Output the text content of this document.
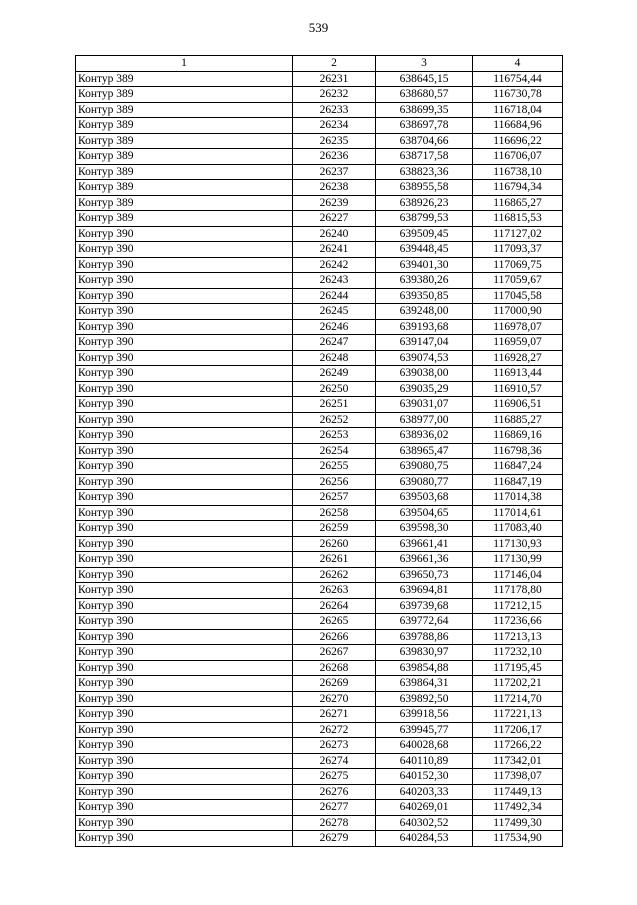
539
1	2	3	4
Контур 389	26231	638645,15	116754,44
Контур 389	26232	638680,57	116730,78
Контур 389	26233	638699,35	116718,04
Контур 389	26234	638697,78	116684,96
Контур 389	26235	638704,66	116696,22
Контур 389	26236	638717,58	116706,07
Контур 389	26237	638823,36	116738,10
Контур 389	26238	638955,58	116794,34
Контур 389	26239	638926,23	116865,27
Контур 389	26227	638799,53	116815,53
Контур 390	26240	639509,45	117127,02
Контур 390	26241	639448,45	117093,37
Контур 390	26242	639401,30	117069,75
Контур 390	26243	639380,26	117059,67
Контур 390	26244	639350,85	117045,58
Контур 390	26245	639248,00	117000,90
Контур 390	26246	639193,68	116978,07
Контур 390	26247	639147,04	116959,07
Контур 390	26248	639074,53	116928,27
Контур 390	26249	639038,00	116913,44
Контур 390	26250	639035,29	116910,57
Контур 390	26251	639031,07	116906,51
Контур 390	26252	638977,00	116885,27
Контур 390	26253	638936,02	116869,16
Контур 390	26254	638965,47	116798,36
Контур 390	26255	639080,75	116847,24
Контур 390	26256	639080,77	116847,19
Контур 390	26257	639503,68	117014,38
Контур 390	26258	639504,65	117014,61
Контур 390	26259	639598,30	117083,40
Контур 390	26260	639661,41	117130,93
Контур 390	26261	639661,36	117130,99
Контур 390	26262	639650,73	117146,04
Контур 390	26263	639694,81	117178,80
Контур 390	26264	639739,68	117212,15
Контур 390	26265	639772,64	117236,66
Контур 390	26266	639788,86	117213,13
Контур 390	26267	639830,97	117232,10
Контур 390	26268	639854,88	117195,45
Контур 390	26269	639864,31	117202,21
Контур 390	26270	639892,50	117214,70
Контур 390	26271	639918,56	117221,13
Контур 390	26272	639945,77	117206,17
Контур 390	26273	640028,68	117266,22
Контур 390	26274	640110,89	117342,01
Контур 390	26275	640152,30	117398,07
Контур 390	26276	640203,33	117449,13
Контур 390	26277	640269,01	117492,34
Контур 390	26278	640302,52	117499,30
Контур 390	26279	640284,53	117534,90
